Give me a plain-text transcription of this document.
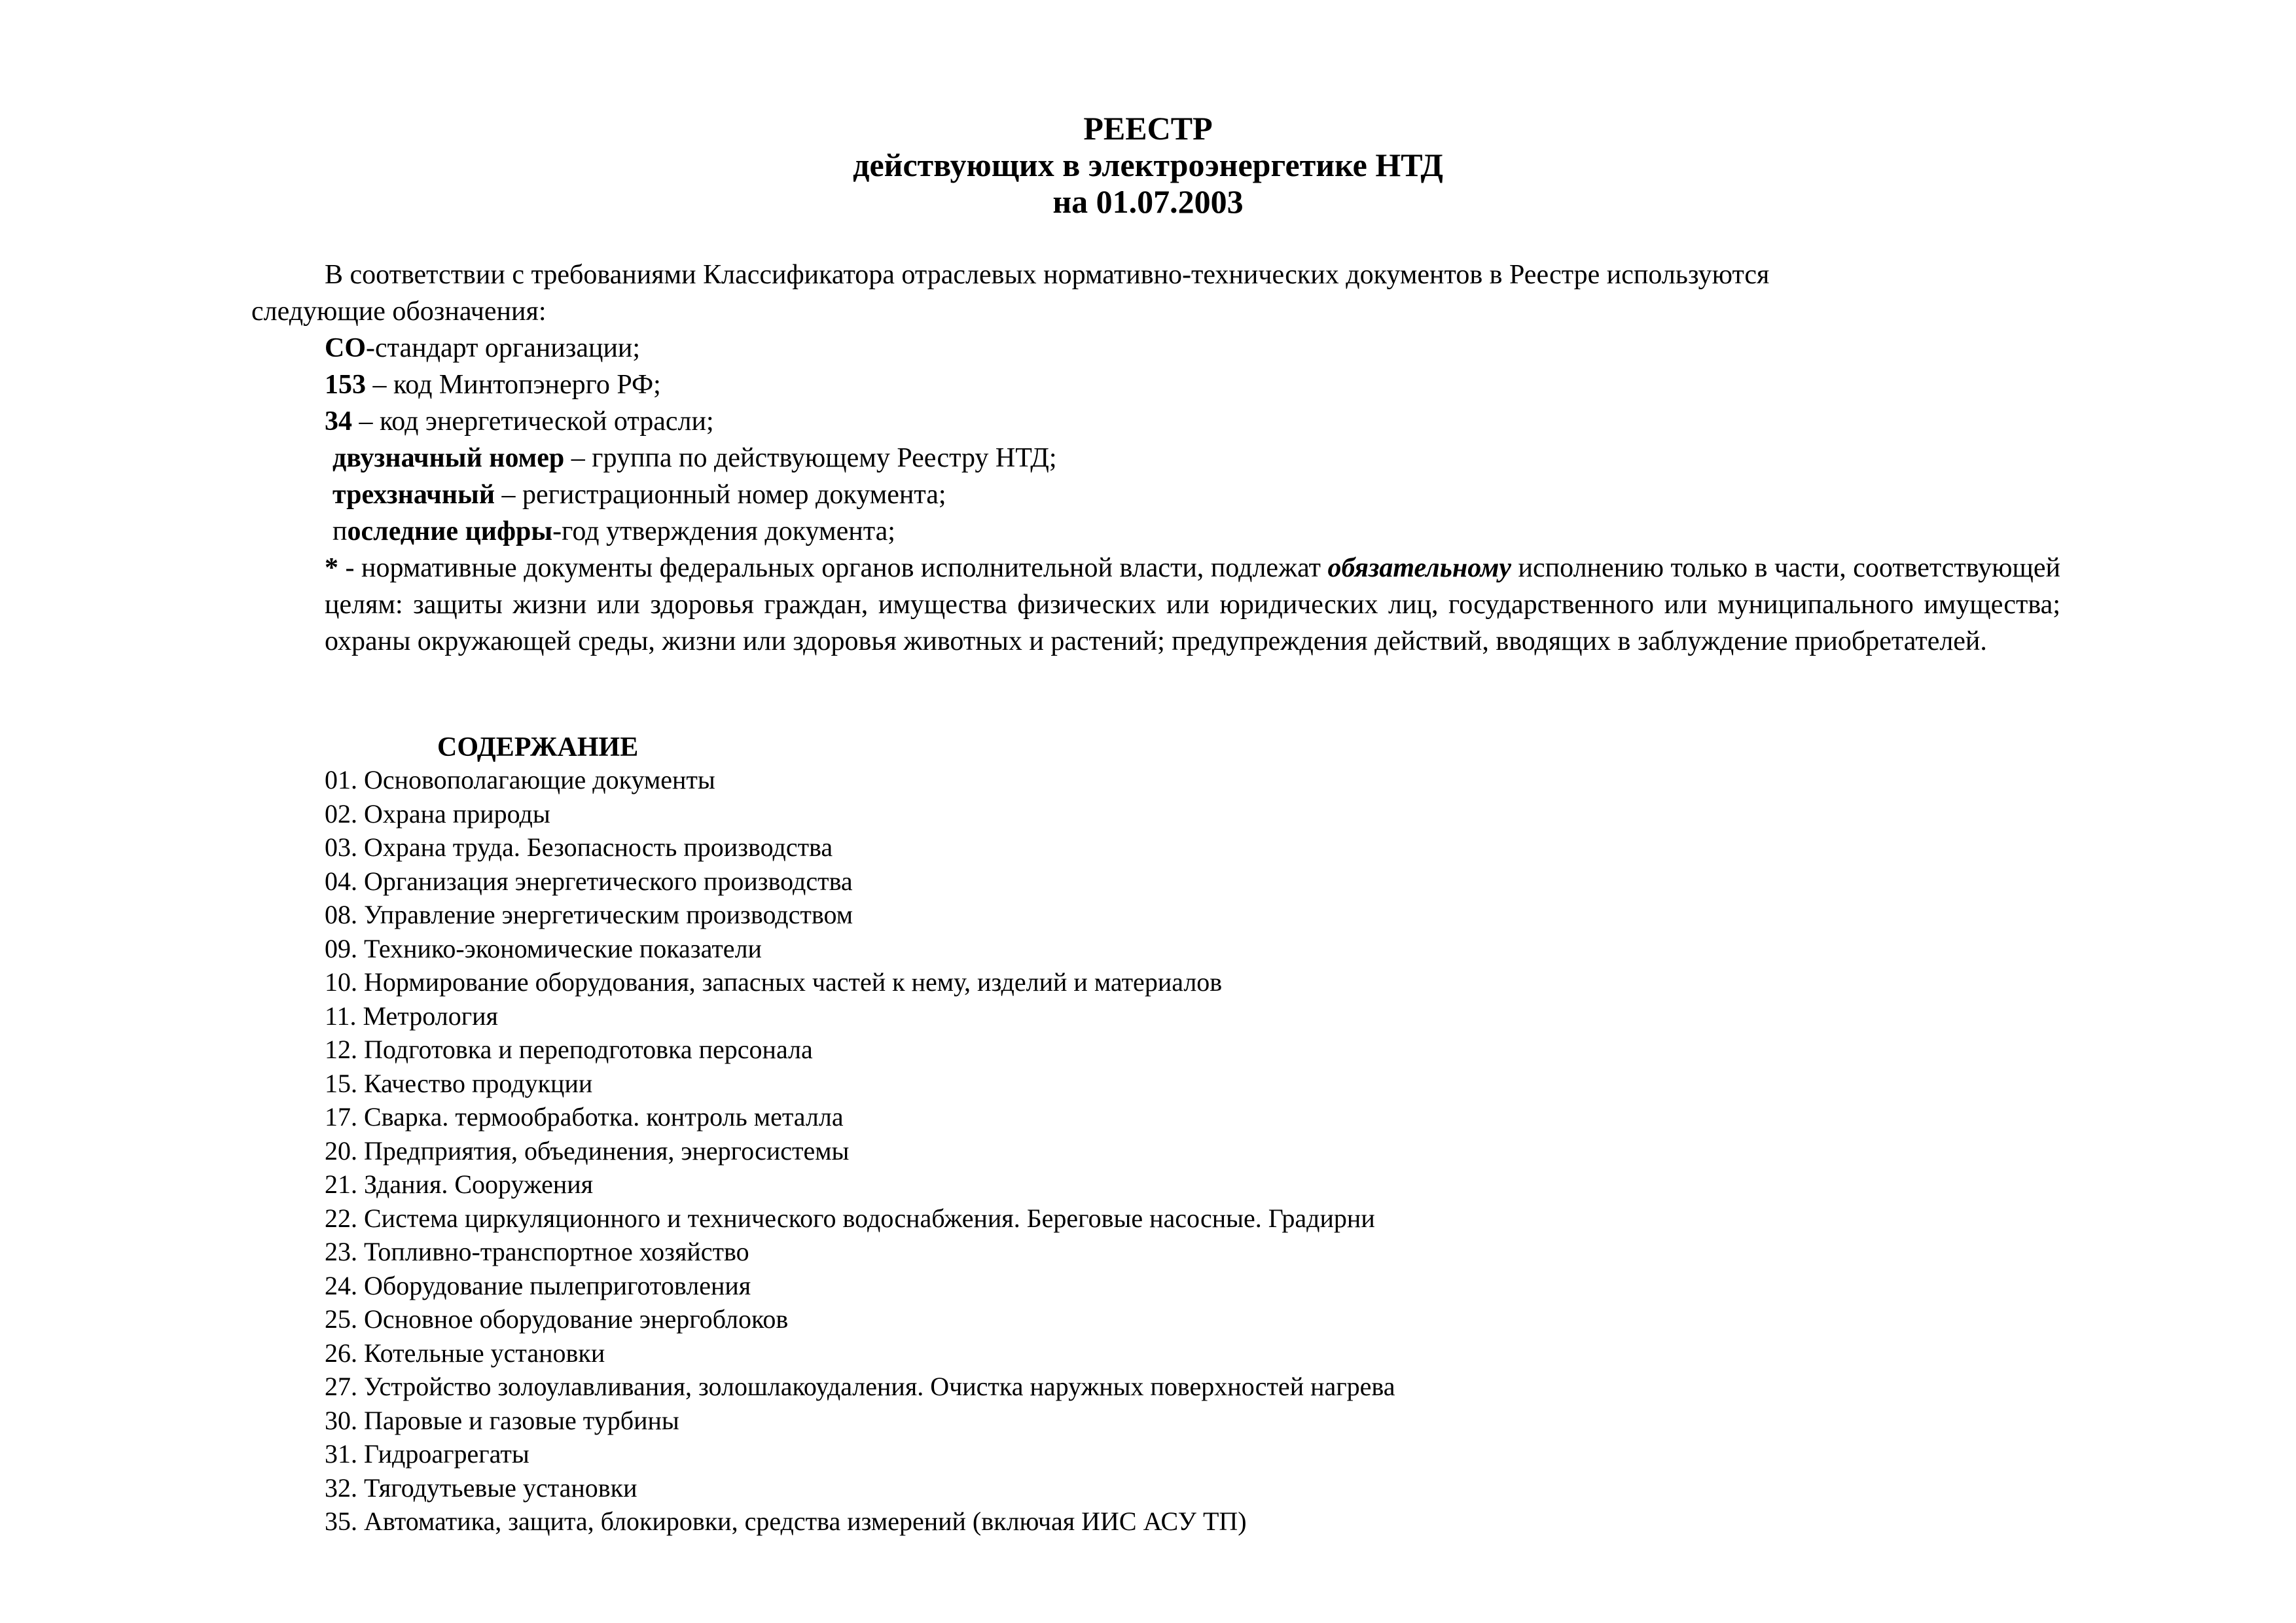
РЕЕСТР
действующих в электроэнергетике НТД
на 01.07.2003

В соответствии с требованиями Классификатора отраслевых нормативно-технических документов в Реестре используются

следующие обозначения:

СО-стандарт организации;
153 – код Минтопэнерго РФ;
34 – код энергетической отрасли;
двузначный номер – группа по действующему Реестру НТД;
трехзначный – регистрационный номер документа;
последние цифры-год утверждения документа;
* - нормативные документы федеральных органов исполнительной власти, подлежат обязательному исполнению только в части, соответствующей целям: защиты жизни или здоровья граждан, имущества физических или юридических лиц, государственного или муниципального имущества; охраны окружающей среды, жизни или здоровья животных и растений; предупреждения действий, вводящих в заблуждение приобретателей.
СОДЕРЖАНИЕ
01. Основополагающие документы
02. Охрана природы
03. Охрана труда. Безопасность производства
04. Организация энергетического производства
08. Управление энергетическим производством
09. Технико-экономические показатели
10. Нормирование оборудования, запасных частей к нему, изделий и материалов
11. Метрология
12. Подготовка и переподготовка персонала
15. Качество продукции
17. Сварка. термообработка. контроль металла
20. Предприятия, объединения, энергосистемы
21. Здания. Сооружения
22. Система циркуляционного и технического водоснабжения. Береговые насосные. Градирни
23. Топливно-транспортное хозяйство
24. Оборудование пылеприготовления
25. Основное оборудование энергоблоков
26. Котельные установки
27. Устройство золоулавливания, золошлакоудаления. Очистка наружных поверхностей нагрева
30. Паровые и газовые турбины
31. Гидроагрегаты
32. Тягодутьевые установки
35. Автоматика, защита, блокировки, средства измерений (включая ИИС АСУ ТП)
